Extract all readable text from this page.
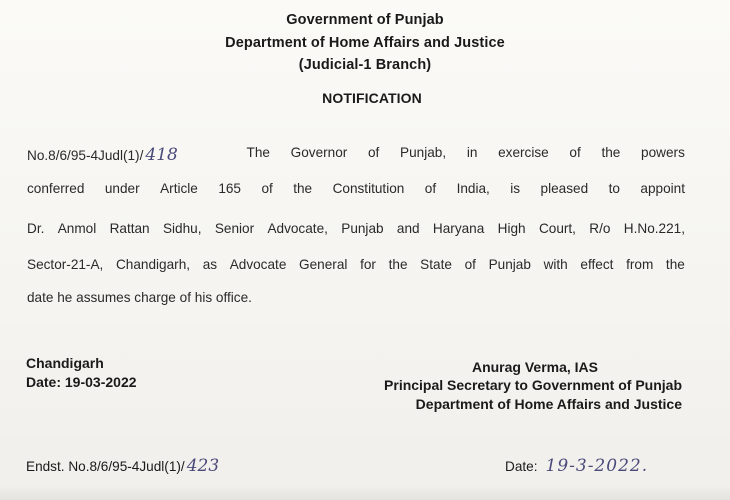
Government of Punjab
Department of Home Affairs and Justice
(Judicial-1 Branch)
NOTIFICATION
No.8/6/95-4Judl(1)/ 418	The Governor of Punjab, in exercise of the powers
conferred under Article 165 of the Constitution of India, is pleased to appoint
Dr. Anmol Rattan Sidhu, Senior Advocate, Punjab and Haryana High Court, R/o H.No.221,
Sector-21-A, Chandigarh, as Advocate General for the State of Punjab with effect from the
date he assumes charge of his office.
Chandigarh
Date: 19-03-2022
Anurag Verma, IAS
Principal Secretary to Government of Punjab
Department of Home Affairs and Justice
Endst. No.8/6/95-4Judl(1)/ 423	Date: 19-3-2022.
